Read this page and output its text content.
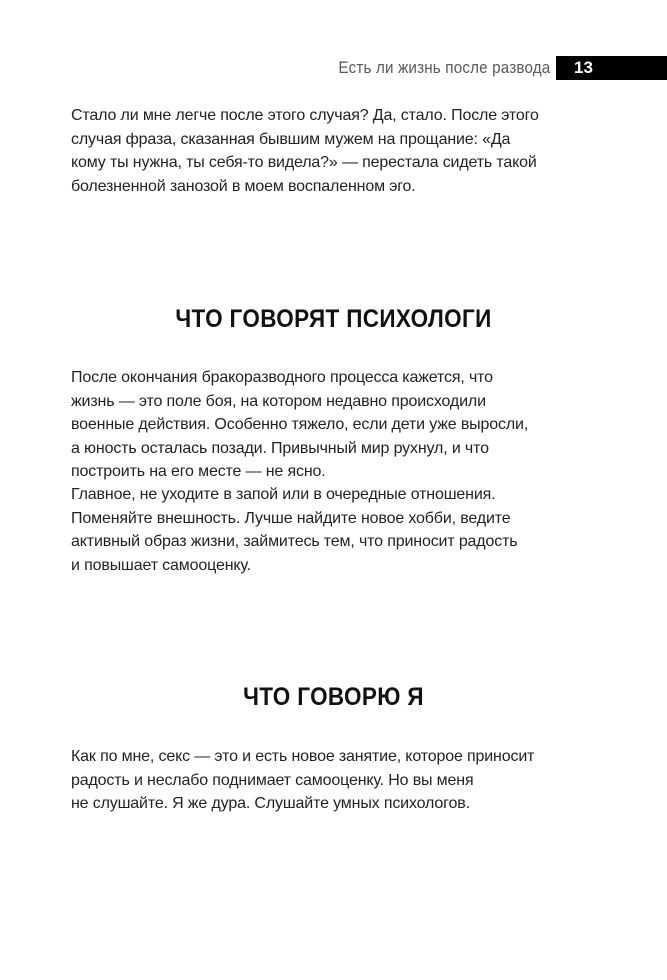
Есть ли жизнь после развода 13

Стало ли мне легче после этого случая? Да, стало. После этого
случая фраза, сказанная бывшим мужем на прощание: «Да
кому ты нужна, ты себя-то видела?» — перестала сидеть такой
болезненной занозой в моем воспаленном эго.

ЧТО ГОВОРЯТ ПСИХОЛОГИ

После окончания бракоразводного процесса кажется, что
жизнь — это поле боя, на котором недавно происходили
военные действия. Особенно тяжело, если дети уже выросли,
а юность осталась позади. Привычный мир рухнул, и что
построить на его месте — не ясно.

Главное, не уходите в запой или в очередные отношения.
Поменяйте внешность. Лучше найдите новое хобби, ведите
активный образ жизни, займитесь тем, что приносит радость
и повышает самооценку.

ЧТО ГОВОРЮ Я

Как по мне, секс — это и есть новое занятие, которое приносит
радость и неслабо поднимает самооценку. Но вы меня
не слушайте. Я же дура. Слушайте умных психологов.
